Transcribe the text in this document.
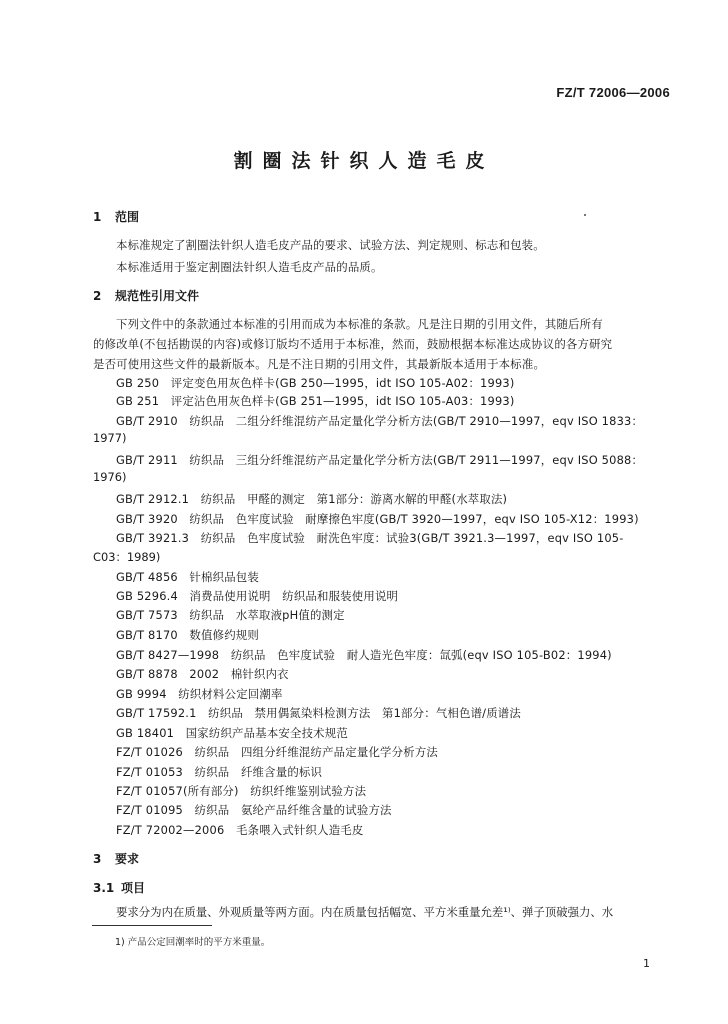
FZ/T 72006—2006
割圈法针织人造毛皮
1 范围
本标准规定了割圈法针织人造毛皮产品的要求、试验方法、判定规则、标志和包装。
本标准适用于鉴定割圈法针织人造毛皮产品的品质。
2 规范性引用文件
下列文件中的条款通过本标准的引用而成为本标准的条款。凡是注日期的引用文件，其随后所有
的修改单(不包括勘误的内容)或修订版均不适用于本标准，然而，鼓励根据本标准达成协议的各方研究
是否可使用这些文件的最新版本。凡是不注日期的引用文件，其最新版本适用于本标准。
GB 250　评定变色用灰色样卡(GB 250—1995，idt ISO 105-A02：1993)
GB 251　评定沾色用灰色样卡(GB 251—1995，idt ISO 105-A03：1993)
GB/T 2910　纺织品　二组分纤维混纺产品定量化学分析方法(GB/T 2910—1997，eqv ISO 1833：
1977)
GB/T 2911　纺织品　三组分纤维混纺产品定量化学分析方法(GB/T 2911—1997，eqv ISO 5088：
1976)
GB/T 2912.1　纺织品　甲醛的测定　第1部分：游离水解的甲醛(水萃取法)
GB/T 3920　纺织品　色牢度试验　耐摩擦色牢度(GB/T 3920—1997，eqv ISO 105-X12：1993)
GB/T 3921.3　纺织品　色牢度试验　耐洗色牢度：试验3(GB/T 3921.3—1997，eqv ISO 105-
C03：1989)
GB/T 4856　针棉织品包装
GB 5296.4　消费品使用说明　纺织品和服装使用说明
GB/T 7573　纺织品　水萃取液pH值的测定
GB/T 8170　数值修约规则
GB/T 8427—1998　纺织品　色牢度试验　耐人造光色牢度：氙弧(eqv ISO 105-B02：1994)
GB/T 8878　2002　棉针织内衣
GB 9994　纺织材料公定回潮率
GB/T 17592.1　纺织品　禁用偶氮染料检测方法　第1部分：气相色谱/质谱法
GB 18401　国家纺织产品基本安全技术规范
FZ/T 01026　纺织品　四组分纤维混纺产品定量化学分析方法
FZ/T 01053　纺织品　纤维含量的标识
FZ/T 01057(所有部分)　纺织纤维鉴别试验方法
FZ/T 01095　纺织品　氨纶产品纤维含量的试验方法
FZ/T 72002—2006　毛条喂入式针织人造毛皮
3 要求
3.1 项目
要求分为内在质量、外观质量等两方面。内在质量包括幅宽、平方米重量允差¹⁾、弹子顶破强力、水
1) 产品公定回潮率时的平方米重量。
1
